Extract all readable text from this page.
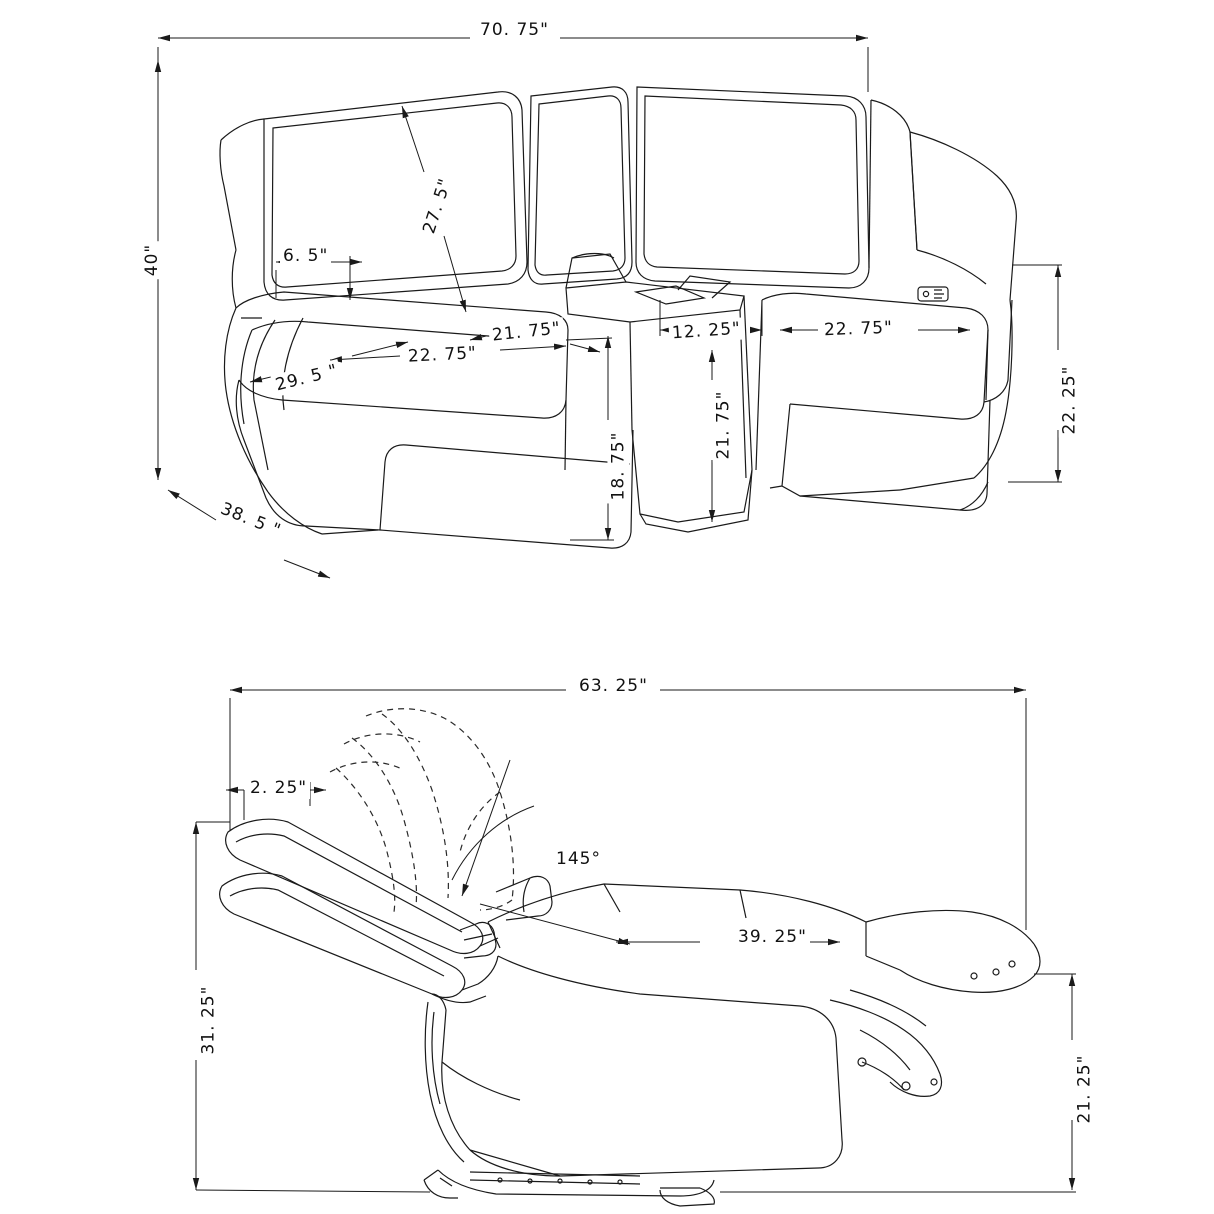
70. 75"
40"
27. 5"
6. 5"
29. 5 "
22. 75"
21. 75"
18. 75"
12. 25"
21. 75"
22. 75"
22. 25"
38. 5 "
63. 25"
2. 25"
145°
39. 25"
31. 25"
21. 25"
